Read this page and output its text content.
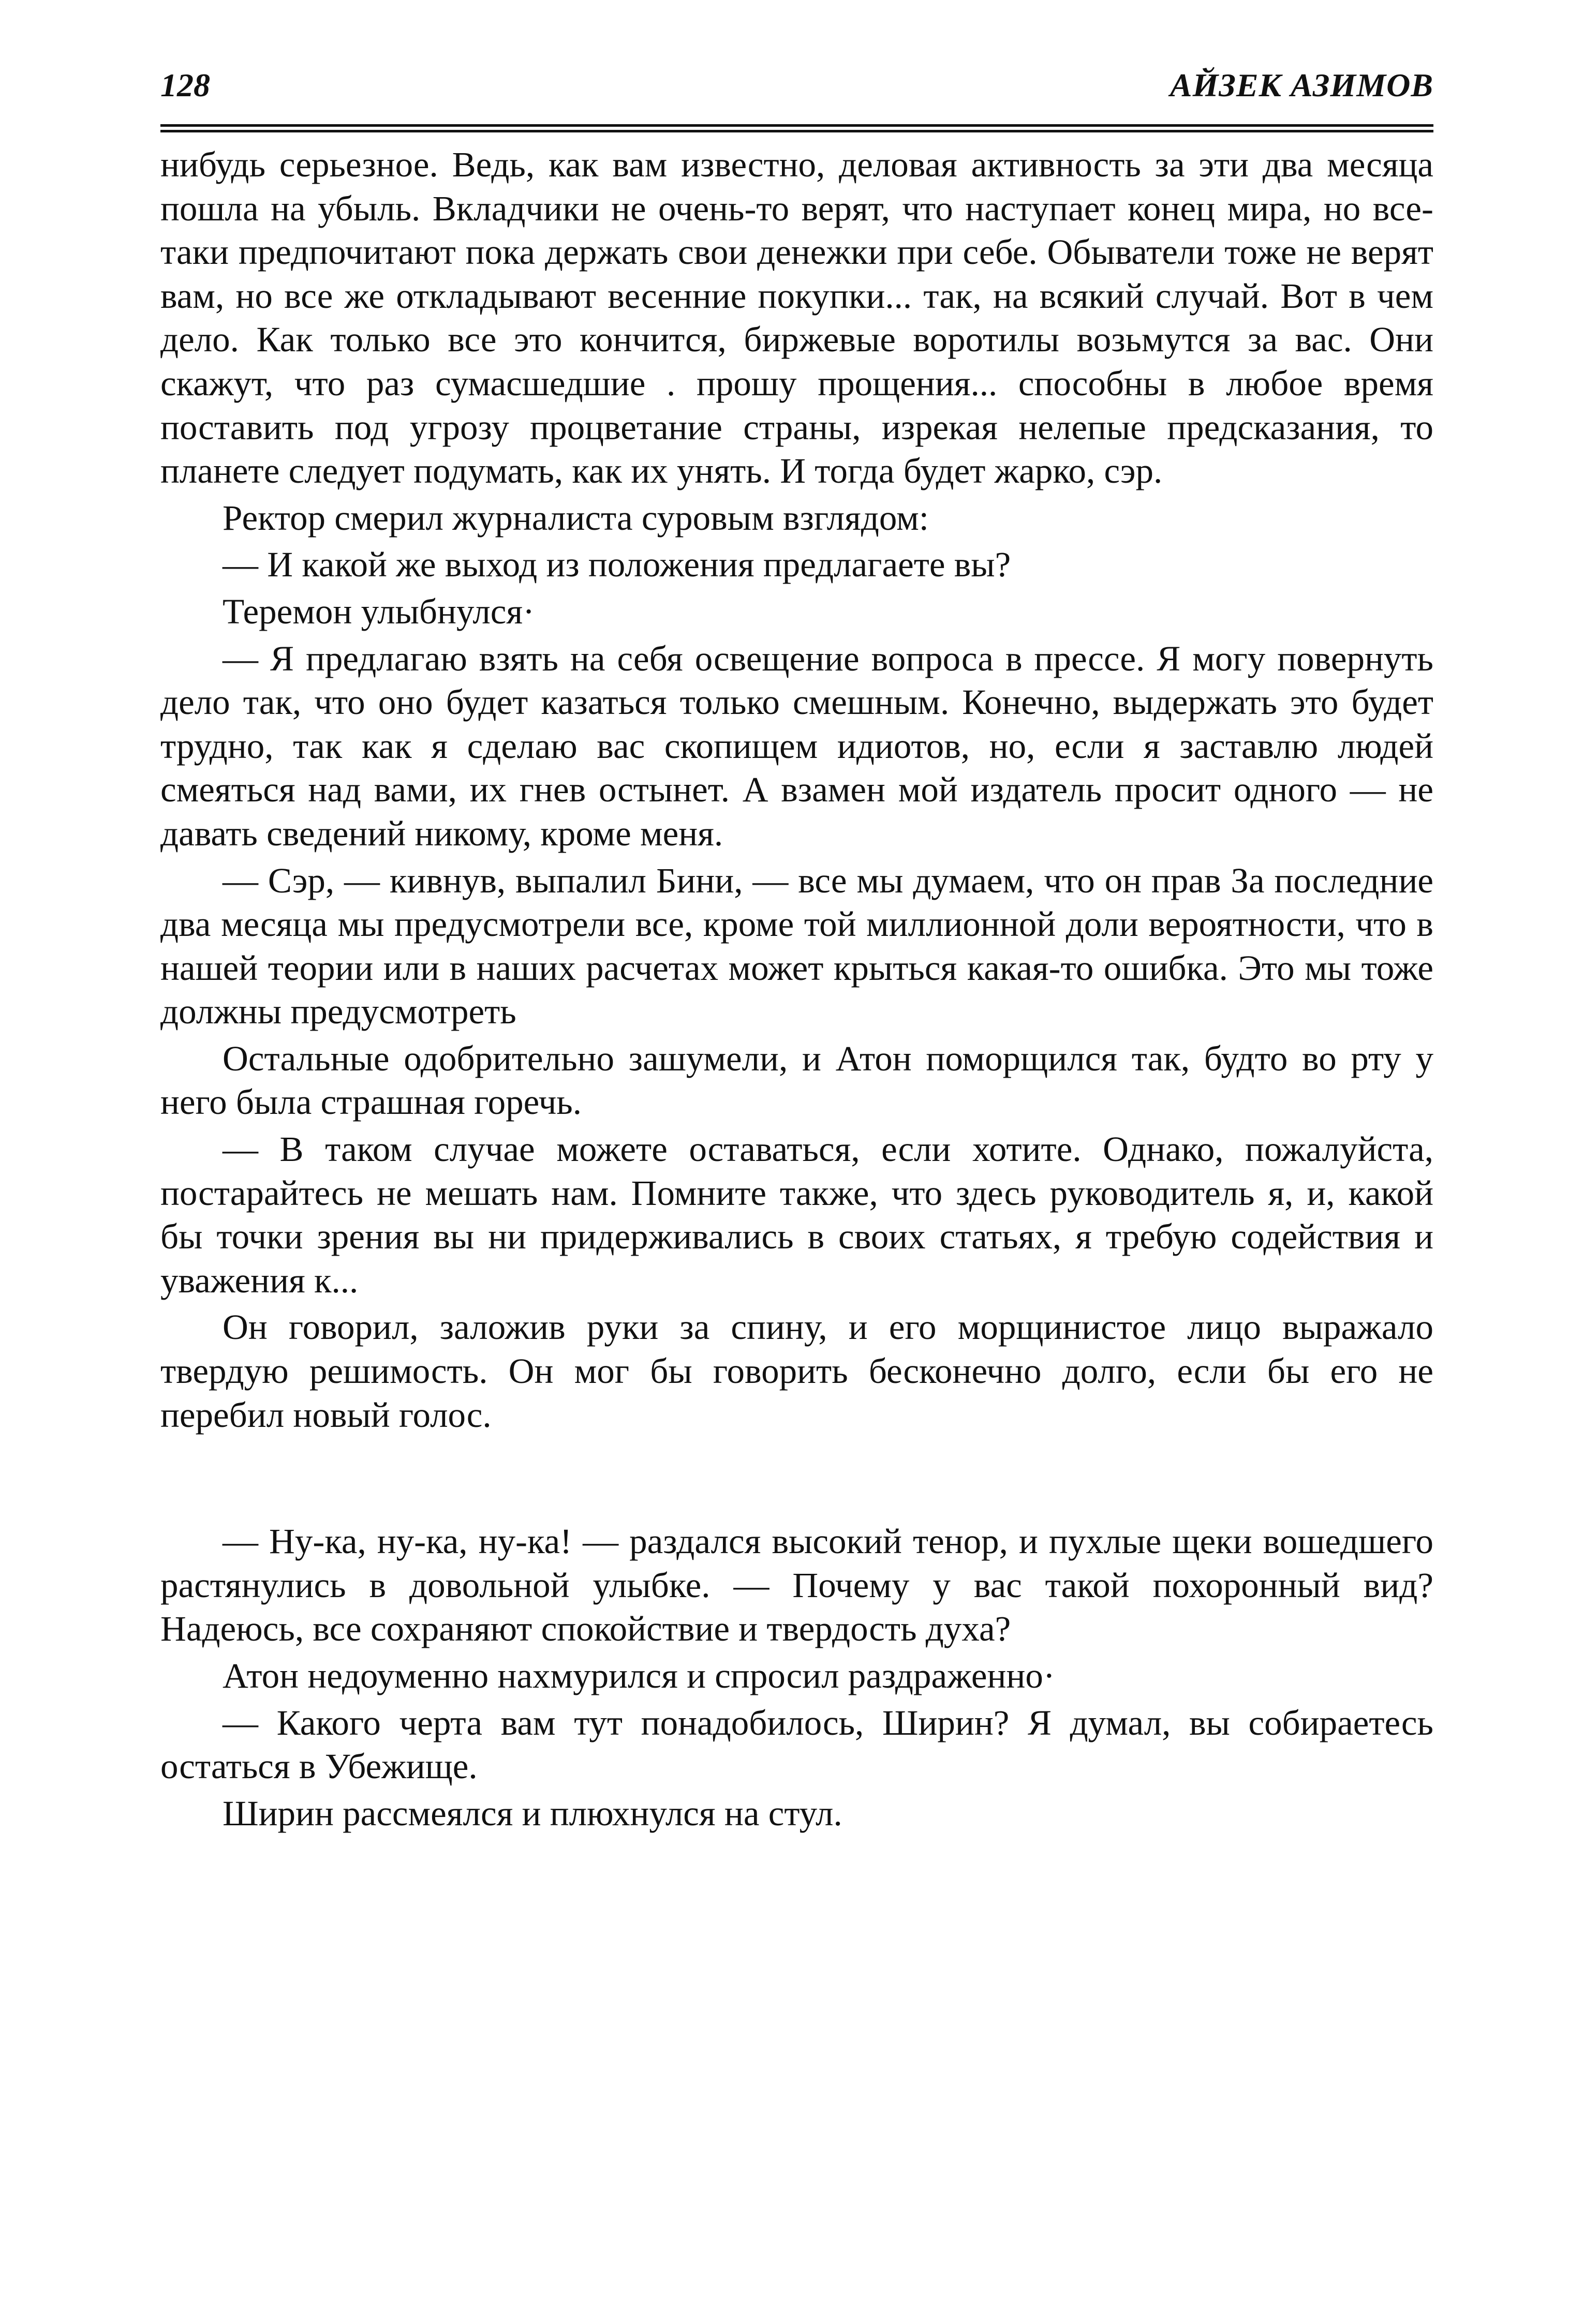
128	АЙЗЕК АЗИМОВ

нибудь серьезное. Ведь, как вам известно, деловая активность за эти два месяца пошла на убыль. Вкладчики не очень-то верят, что наступает конец мира, но все-таки предпочитают пока держать свои денежки при себе. Обыватели тоже не верят вам, но все же откладывают весенние покупки... так, на всякий случай. Вот в чем дело. Как только все это кончится, биржевые воротилы возьмутся за вас. Они скажут, что раз сумасшедшие . прошу прощения... способны в любое время поставить под угрозу процветание страны, изрекая нелепые предсказания, то планете следует подумать, как их унять. И тогда будет жарко, сэр.

Ректор смерил журналиста суровым взглядом:

— И какой же выход из положения предлагаете вы?

Теремон улыбнулся·

— Я предлагаю взять на себя освещение вопроса в прессе. Я могу повернуть дело так, что оно будет казаться только смешным. Конечно, выдержать это будет трудно, так как я сделаю вас скопищем идиотов, но, если я заставлю людей смеяться над вами, их гнев остынет. А взамен мой издатель просит одного — не давать сведений никому, кроме меня.

— Сэр, — кивнув, выпалил Бини, — все мы думаем, что он прав За последние два месяца мы предусмотрели все, кроме той миллионной доли вероятности, что в нашей теории или в наших расчетах может крыться какая-то ошибка. Это мы тоже должны предусмотреть

Остальные одобрительно зашумели, и Атон поморщился так, будто во рту у него была страшная горечь.

— В таком случае можете оставаться, если хотите. Однако, пожалуйста, постарайтесь не мешать нам. Помните также, что здесь руководитель я, и, какой бы точки зрения вы ни придерживались в своих статьях, я требую содействия и уважения к...

Он говорил, заложив руки за спину, и его морщинистое лицо выражало твердую решимость. Он мог бы говорить бесконечно долго, если бы его не перебил новый голос.

— Ну-ка, ну-ка, ну-ка! — раздался высокий тенор, и пухлые щеки вошедшего растянулись в довольной улыбке. — Почему у вас такой похоронный вид? Надеюсь, все сохраняют спокойствие и твердость духа?

Атон недоуменно нахмурился и спросил раздраженно·

— Какого черта вам тут понадобилось, Ширин? Я думал, вы собираетесь остаться в Убежище.

Ширин рассмеялся и плюхнулся на стул.
